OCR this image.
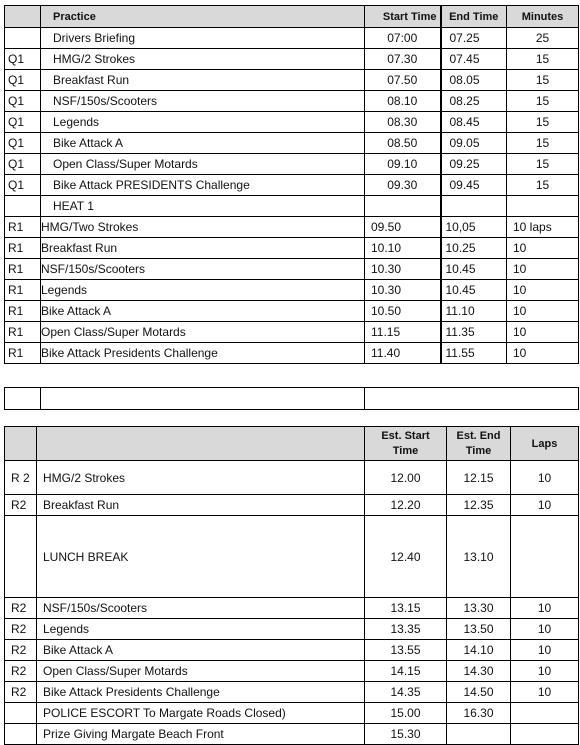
	Practice	Start Time	End Time	Minutes
	Drivers Briefing	07:00	07.25	25
Q1	HMG/2 Strokes	07.30	07.45	15
Q1	Breakfast Run	07.50	08.05	15
Q1	NSF/150s/Scooters	08.10	08.25	15
Q1	Legends	08.30	08.45	15
Q1	Bike Attack A	08.50	09.05	15
Q1	Open Class/Super Motards	09.10	09.25	15
Q1	Bike Attack PRESIDENTS Challenge	09.30	09.45	15
	HEAT 1			
R1	HMG/Two Strokes	09.50	10,05	10 laps
R1	Breakfast Run	10.10	10.25	10
R1	NSF/150s/Scooters	10.30	10.45	10
R1	Legends	10.30	10.45	10
R1	Bike Attack A	10.50	11.10	10
R1	Open Class/Super Motards	11.15	11.35	10
R1	Bike Attack Presidents Challenge	11.40	11.55	10

		Est. Start Time	Est. End Time	Laps
R 2	HMG/2 Strokes	12.00	12.15	10
R2	Breakfast Run	12.20	12.35	10
	LUNCH BREAK	12.40	13.10	
R2	NSF/150s/Scooters	13.15	13.30	10
R2	Legends	13.35	13.50	10
R2	Bike Attack A	13.55	14.10	10
R2	Open Class/Super Motards	14.15	14.30	10
R2	Bike Attack Presidents Challenge	14.35	14.50	10
	POLICE ESCORT To Margate Roads Closed)	15.00	16.30	
	Prize Giving Margate Beach Front	15.30		
